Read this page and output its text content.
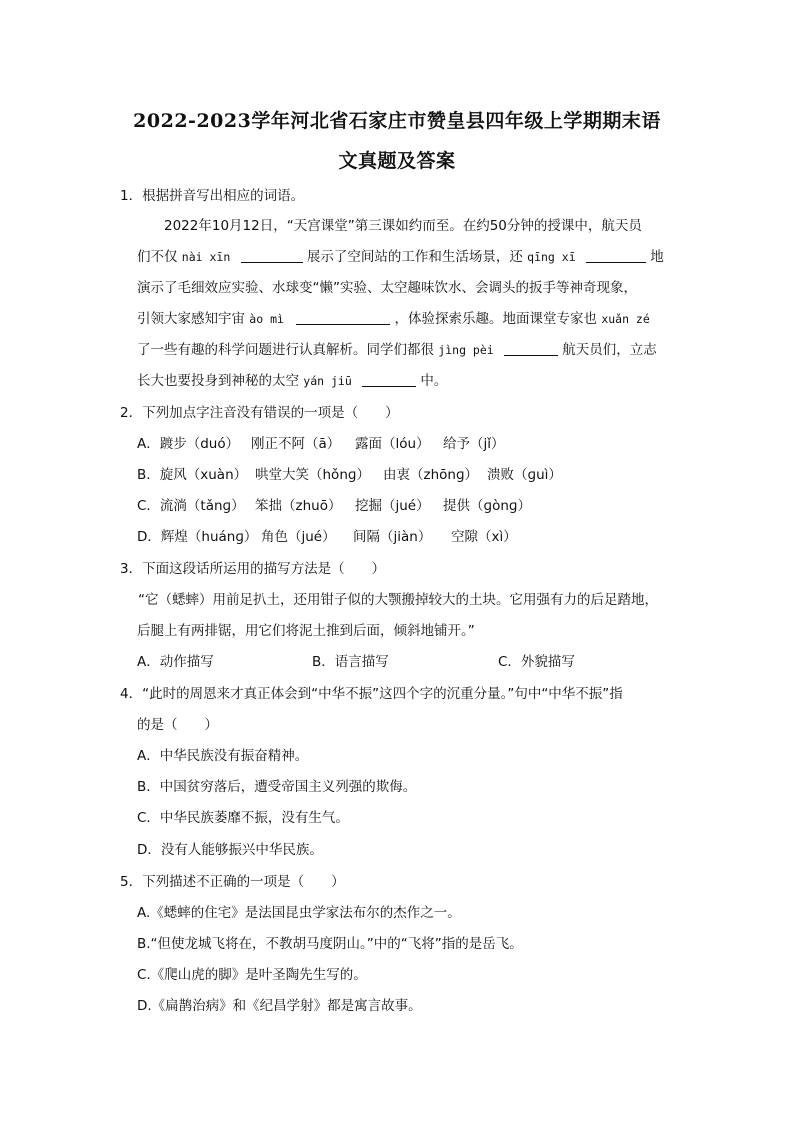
2022-2023学年河北省石家庄市赞皇县四年级上学期期末语
文真题及答案
1．根据拼音写出相应的词语。
2022年10月12日，“天宫课堂”第三课如约而至。在约50分钟的授课中，航天员
们不仅 nài xīn	展示了空间站的工作和生活场景，还 qīng xī	地
演示了毛细效应实验、水球变“懒”实验、太空趣味饮水、会调头的扳手等神奇现象，
引领大家感知宇宙 ào mì	，体验探索乐趣。地面课堂专家也 xuǎn zé
了一些有趣的科学问题进行认真解析。同学们都很 jìng pèi	航天员们，立志
长大也要投身到神秘的太空 yán jiū	中。
2．下列加点字注音没有错误的一项是（　　）
A．踱步（duó） 刚正不阿（ā） 露面（lóu） 给予（jǐ）
B．旋风（xuàn） 哄堂大笑（hǒnɡ） 由衷（zhōnɡ） 溃败（ɡuì）
C．流淌（tǎnɡ） 笨拙（zhuō） 挖掘（jué） 提供（ɡònɡ）
D．辉煌（huánɡ） 角色（jué） 间隔（jiàn） 空隙（xì）
3．下面这段话所运用的描写方法是（　　）
“它（蟋蟀）用前足扒土，还用钳子似的大颚搬掉较大的土块。它用强有力的后足踏地，
后腿上有两排锯，用它们将泥土推到后面，倾斜地铺开。”
A．动作描写	B．语言描写	C．外貌描写
4．“此时的周恩来才真正体会到“中华不振”这四个字的沉重分量。”句中“中华不振”指
的是（　　）
A．中华民族没有振奋精神。
B．中国贫穷落后，遭受帝国主义列强的欺侮。
C．中华民族萎靡不振，没有生气。
D．没有人能够振兴中华民族。
5．下列描述不正确的一项是（　　）
A.《蟋蟀的住宅》是法国昆虫学家法布尔的杰作之一。
B.“但使龙城飞将在，不教胡马度阴山。”中的“飞将”指的是岳飞。
C.《爬山虎的脚》是叶圣陶先生写的。
D.《扁鹊治病》和《纪昌学射》都是寓言故事。
